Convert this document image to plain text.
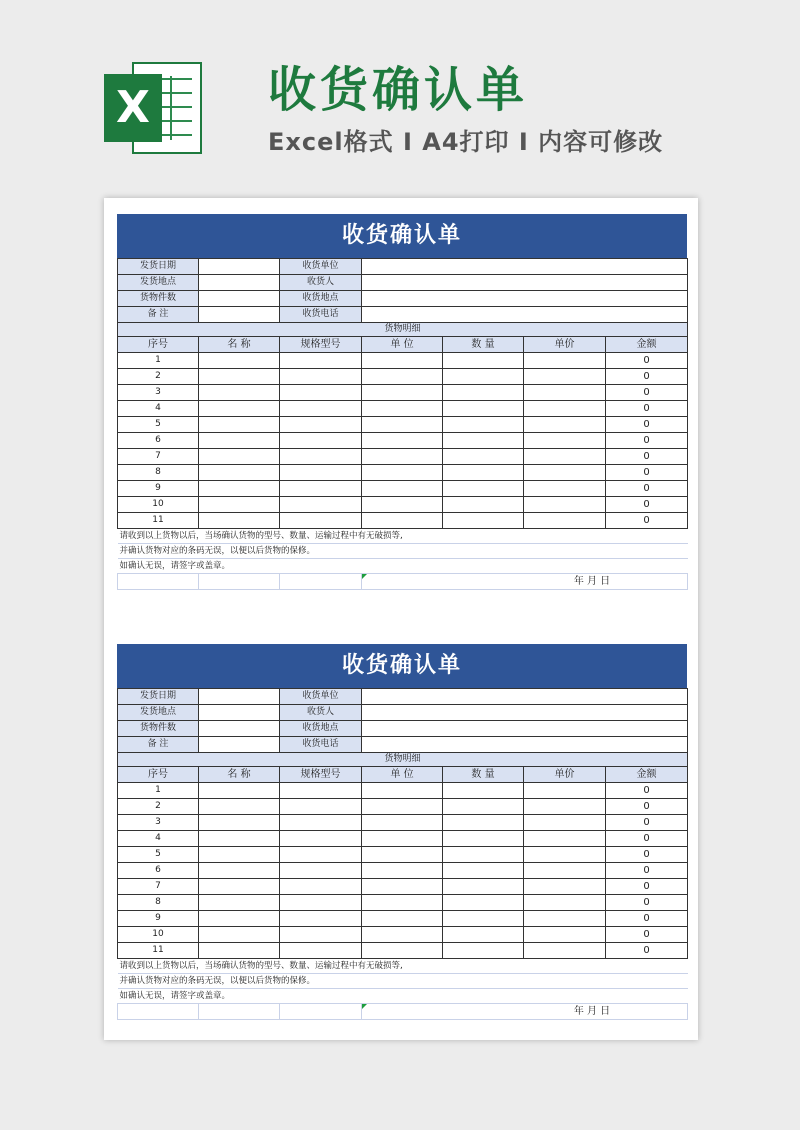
X 收货确认单

Excel格式 I A4打印 I 内容可修改

收货确认单
发货日期		收货单位				
发货地点		收货人				
货物件数		收货地点				
备 注		收货电话				
货物明细						
序号	名 称	规格型号	单 位	数 量	单价	金额
1						0
2						0
3						0
4						0
5						0
6						0
7						0
8						0
9						0
10						0
11						0
请收到以上货物以后，当场确认货物的型号、数量、运输过程中有无破损等,						
并确认货物对应的条码无误，以便以后货物的保修。						
如确认无误，请签字或盖章。						

年 月 日			
收货确认单
发货日期		收货单位				
发货地点		收货人				
货物件数		收货地点				
备 注		收货电话				
货物明细						
序号	名 称	规格型号	单 位	数 量	单价	金额
1						0
2						0
3						0
4						0
5						0
6						0
7						0
8						0
9						0
10						0
11						0
请收到以上货物以后，当场确认货物的型号、数量、运输过程中有无破损等,						
并确认货物对应的条码无误，以便以后货物的保修。						
如确认无误，请签字或盖章。						

年 月 日			
